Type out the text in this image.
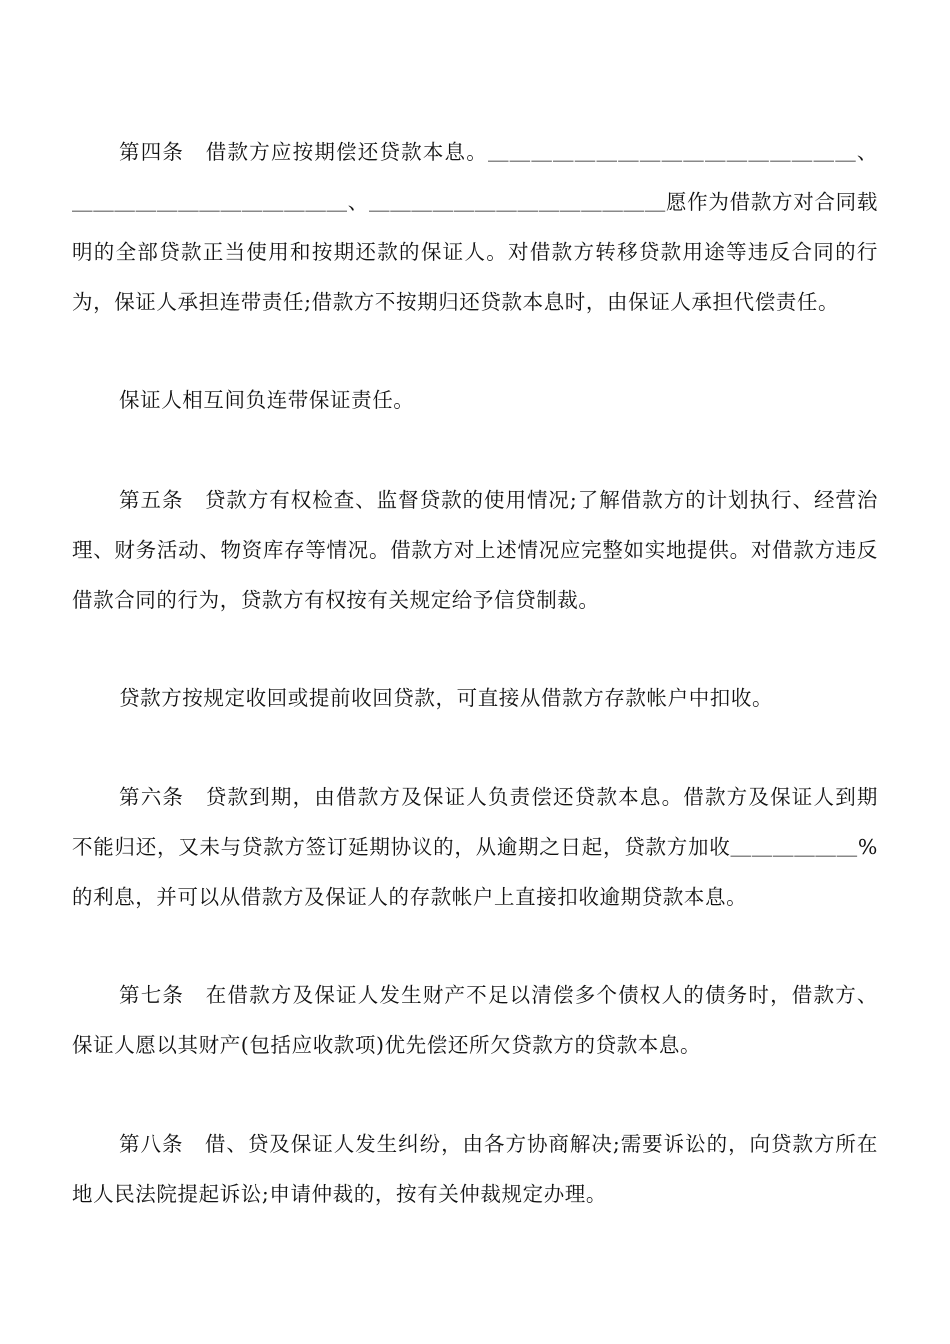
第四条　借款方应按期偿还贷款本息。＿＿＿＿＿＿＿＿＿＿＿＿＿＿＿＿＿、＿＿＿＿＿＿＿＿＿＿＿＿＿、＿＿＿＿＿＿＿＿＿＿＿＿＿＿愿作为借款方对合同载明的全部贷款正当使用和按期还款的保证人。对借款方转移贷款用途等违反合同的行为，保证人承担连带责任;借款方不按期归还贷款本息时，由保证人承担代偿责任。

保证人相互间负连带保证责任。

第五条　贷款方有权检查、监督贷款的使用情况;了解借款方的计划执行、经营治理、财务活动、物资库存等情况。借款方对上述情况应完整如实地提供。对借款方违反借款合同的行为，贷款方有权按有关规定给予信贷制裁。

贷款方按规定收回或提前收回贷款，可直接从借款方存款帐户中扣收。

第六条　贷款到期，由借款方及保证人负责偿还贷款本息。借款方及保证人到期不能归还，又未与贷款方签订延期协议的，从逾期之日起，贷款方加收＿＿＿＿＿＿%的利息，并可以从借款方及保证人的存款帐户上直接扣收逾期贷款本息。

第七条　在借款方及保证人发生财产不足以清偿多个债权人的债务时，借款方、保证人愿以其财产(包括应收款项)优先偿还所欠贷款方的贷款本息。

第八条　借、贷及保证人发生纠纷，由各方协商解决;需要诉讼的，向贷款方所在地人民法院提起诉讼;申请仲裁的，按有关仲裁规定办理。
